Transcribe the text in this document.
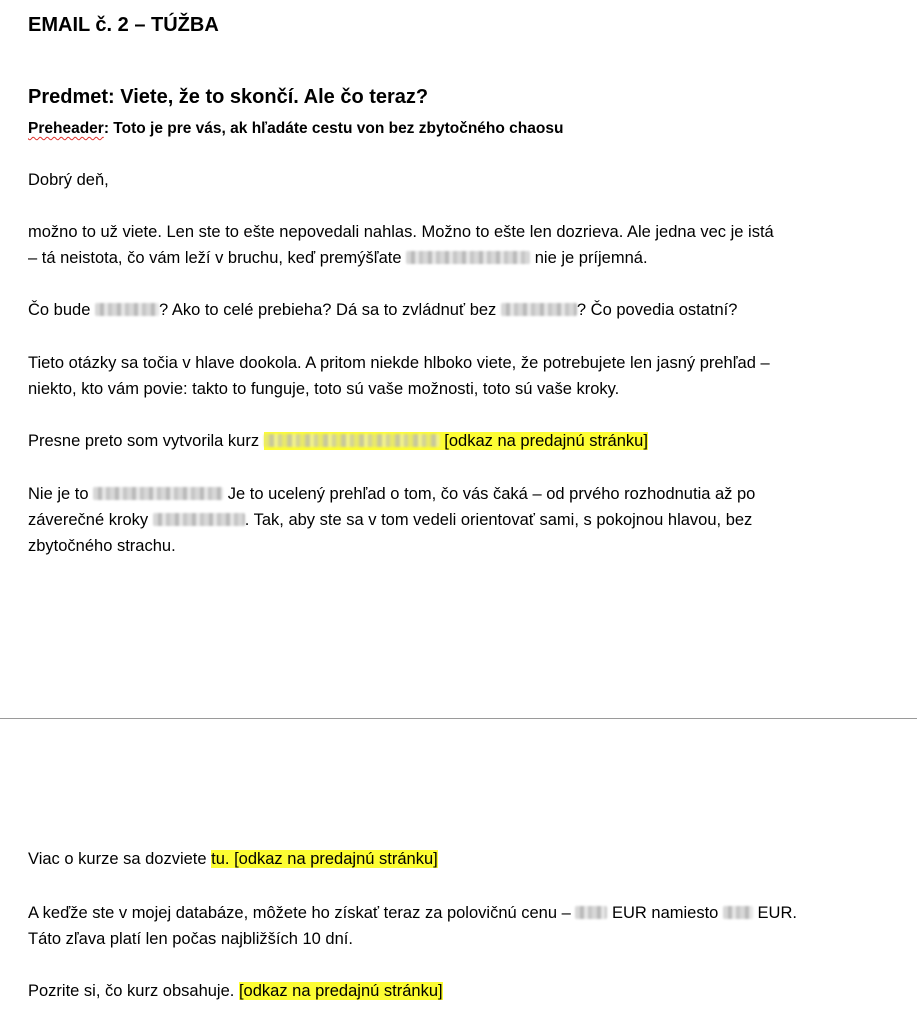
EMAIL č. 2 – TÚŽBA
Predmet: Viete, že to skončí. Ale čo teraz?
Preheader: Toto je pre vás, ak hľadáte cestu von bez zbytočného chaosu
Dobrý deň,
možno to už viete. Len ste to ešte nepovedali nahlas. Možno to ešte len dozrieva. Ale jedna vec je istá
– tá neistota, čo vám leží v bruchu, keď premýšľate	nie je príjemná.
Čo bude	? Ako to celé prebieha? Dá sa to zvládnuť bez	? Čo povedia ostatní?
Tieto otázky sa točia v hlave dookola. A pritom niekde hlboko viete, že potrebujete len jasný prehľad –
niekto, kto vám povie: takto to funguje, toto sú vaše možnosti, toto sú vaše kroky.
Presne preto som vytvorila kurz	[odkaz na predajnú stránku]
Nie je to	Je to ucelený prehľad o tom, čo vás čaká – od prvého rozhodnutia až po
záverečné kroky	. Tak, aby ste sa v tom vedeli orientovať sami, s pokojnou hlavou, bez
zbytočného strachu.
Viac o kurze sa dozviete tu. [odkaz na predajnú stránku]
A keďže ste v mojej databáze, môžete ho získať teraz za polovičnú cenu – EUR namiesto EUR.
Táto zľava platí len počas najbližších 10 dní.
Pozrite si, čo kurz obsahuje. [odkaz na predajnú stránku]
